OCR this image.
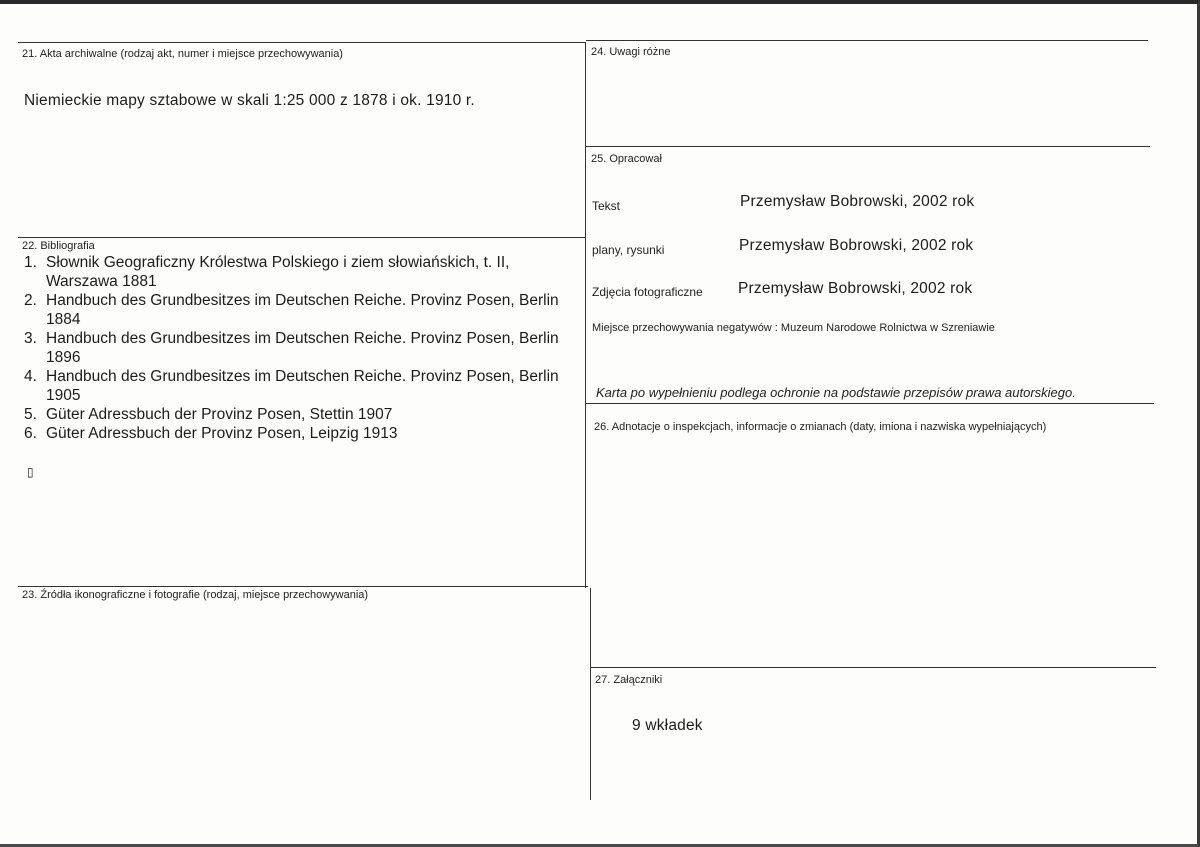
21. Akta archiwalne (rodzaj akt, numer i miejsce przechowywania)
Niemieckie mapy sztabowe w skali 1:25 000 z 1878 i ok. 1910 r.
22. Bibliografia
1. Słownik Geograficzny Królestwa Polskiego i ziem słowiańskich, t. II, Warszawa 1881
2. Handbuch des Grundbesitzes im Deutschen Reiche. Provinz Posen, Berlin 1884
3. Handbuch des Grundbesitzes im Deutschen Reiche. Provinz Posen, Berlin 1896
4. Handbuch des Grundbesitzes im Deutschen Reiche. Provinz Posen, Berlin 1905
5. Güter Adressbuch der Provinz Posen, Stettin 1907
6. Güter Adressbuch der Provinz Posen, Leipzig 1913
▯
23. Źródła ikonograficzne i fotografie (rodzaj, miejsce przechowywania)
24. Uwagi różne
25. Opracował
Tekst	Przemysław Bobrowski, 2002 rok
plany, rysunki	Przemysław Bobrowski, 2002 rok
Zdjęcia fotograficzne Przemysław Bobrowski, 2002 rok
Miejsce przechowywania negatywów : Muzeum Narodowe Rolnictwa w Szreniawie
Karta po wypełnieniu podlega ochronie na podstawie przepisów prawa autorskiego.
26. Adnotacje o inspekcjach, informacje o zmianach (daty, imiona i nazwiska wypełniających)
27. Załączniki
9 wkładek
